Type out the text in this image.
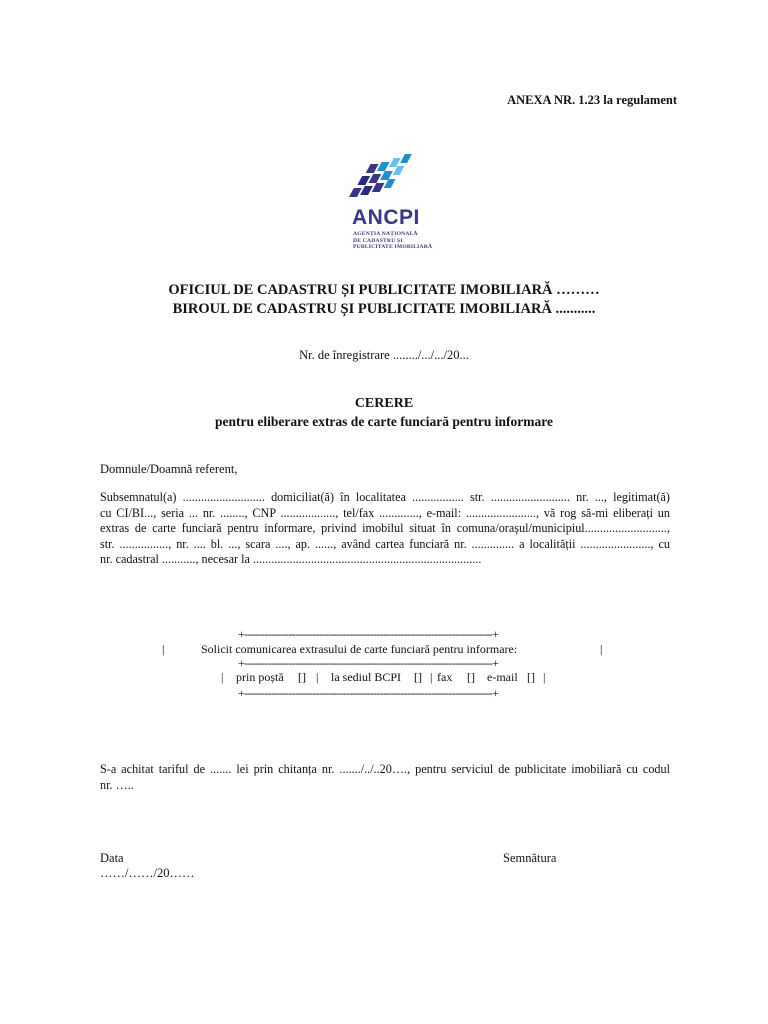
ANEXA NR. 1.23 la regulament
ANCPI
AGENȚIA NAȚIONALĂ
DE CADASTRU ȘI
PUBLICITATE IMOBILIARĂ
OFICIUL DE CADASTRU ȘI PUBLICITATE IMOBILIARĂ ………
BIROUL DE CADASTRU ȘI PUBLICITATE IMOBILIARĂ ...........
Nr. de înregistrare ......../.../.../20...
CERERE
pentru eliberare extras de carte funciară pentru informare
Domnule/Doamnă referent,
Subsemnatul(a) ........................... domiciliat(ă) în localitatea ................. str. .......................... nr. ..., legitimat(ă)
cu CI/BI..., seria ... nr. ........, CNP .................., tel/fax ............., e-mail: ......................., vă rog să-mi eliberați un
extras de carte funciară pentru informare, privind imobilul situat în comuna/orașul/municipiul...........................,
str. ................, nr. .... bl. ..., scara ...., ap. ......, având cartea funciară nr. .............. a localității ......................., cu
nr. cadastral ..........., necesar la ...........................................................................
+-------------------------------------------------------------------------+
|	Solicit comunicarea extrasului de carte funciară pentru informare:	|
+-------------------------------------------------------------------------+
| prin poștă [] | la sediul BCPI [] | fax [] e-mail [] |
+-------------------------------------------------------------------------+
S-a achitat tariful de ....... lei prin chitanța nr. ......./../..20…., pentru serviciul de publicitate imobiliară cu codul
nr. …..
Data
……/……/20……
Semnătura
